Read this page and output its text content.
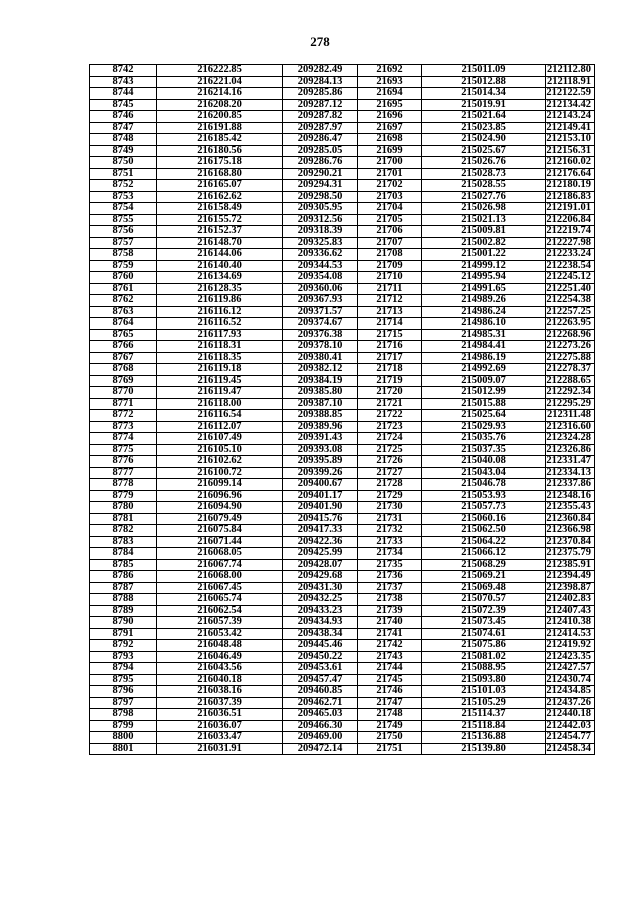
278
8742	216222.85	209282.49	21692	215011.09	212112.80
8743	216221.04	209284.13	21693	215012.88	212118.91
8744	216214.16	209285.86	21694	215014.34	212122.59
8745	216208.20	209287.12	21695	215019.91	212134.42
8746	216200.85	209287.82	21696	215021.64	212143.24
8747	216191.88	209287.97	21697	215023.85	212149.41
8748	216185.42	209286.47	21698	215024.90	212153.10
8749	216180.56	209285.05	21699	215025.67	212156.31
8750	216175.18	209286.76	21700	215026.76	212160.02
8751	216168.80	209290.21	21701	215028.73	212176.64
8752	216165.07	209294.31	21702	215028.55	212180.19
8753	216162.62	209298.50	21703	215027.76	212186.83
8754	216158.49	209305.95	21704	215026.98	212191.01
8755	216155.72	209312.56	21705	215021.13	212206.84
8756	216152.37	209318.39	21706	215009.81	212219.74
8757	216148.70	209325.83	21707	215002.82	212227.98
8758	216144.06	209336.62	21708	215001.22	212233.24
8759	216140.40	209344.53	21709	214999.12	212238.54
8760	216134.69	209354.08	21710	214995.94	212245.12
8761	216128.35	209360.06	21711	214991.65	212251.40
8762	216119.86	209367.93	21712	214989.26	212254.38
8763	216116.12	209371.57	21713	214986.24	212257.25
8764	216116.52	209374.67	21714	214986.10	212263.95
8765	216117.93	209376.38	21715	214985.31	212268.96
8766	216118.31	209378.10	21716	214984.41	212273.26
8767	216118.35	209380.41	21717	214986.19	212275.88
8768	216119.18	209382.12	21718	214992.69	212278.37
8769	216119.45	209384.19	21719	215009.07	212288.65
8770	216119.47	209385.80	21720	215012.99	212292.34
8771	216118.00	209387.10	21721	215015.88	212295.29
8772	216116.54	209388.85	21722	215025.64	212311.48
8773	216112.07	209389.96	21723	215029.93	212316.60
8774	216107.49	209391.43	21724	215035.76	212324.28
8775	216105.10	209393.08	21725	215037.35	212326.86
8776	216102.62	209395.89	21726	215040.08	212331.47
8777	216100.72	209399.26	21727	215043.04	212334.13
8778	216099.14	209400.67	21728	215046.78	212337.86
8779	216096.96	209401.17	21729	215053.93	212348.16
8780	216094.90	209401.90	21730	215057.73	212355.43
8781	216079.49	209415.76	21731	215060.16	212360.84
8782	216075.84	209417.33	21732	215062.50	212366.98
8783	216071.44	209422.36	21733	215064.22	212370.84
8784	216068.05	209425.99	21734	215066.12	212375.79
8785	216067.74	209428.07	21735	215068.29	212385.91
8786	216068.00	209429.68	21736	215069.21	212394.49
8787	216067.45	209431.30	21737	215069.48	212398.87
8788	216065.74	209432.25	21738	215070.57	212402.83
8789	216062.54	209433.23	21739	215072.39	212407.43
8790	216057.39	209434.93	21740	215073.45	212410.38
8791	216053.42	209438.34	21741	215074.61	212414.53
8792	216048.48	209445.46	21742	215075.86	212419.92
8793	216046.49	209450.22	21743	215081.02	212423.35
8794	216043.56	209453.61	21744	215088.95	212427.57
8795	216040.18	209457.47	21745	215093.80	212430.74
8796	216038.16	209460.85	21746	215101.03	212434.85
8797	216037.39	209462.71	21747	215105.29	212437.26
8798	216036.51	209465.03	21748	215114.37	212440.18
8799	216036.07	209466.30	21749	215118.84	212442.03
8800	216033.47	209469.00	21750	215136.88	212454.77
8801	216031.91	209472.14	21751	215139.80	212458.34
